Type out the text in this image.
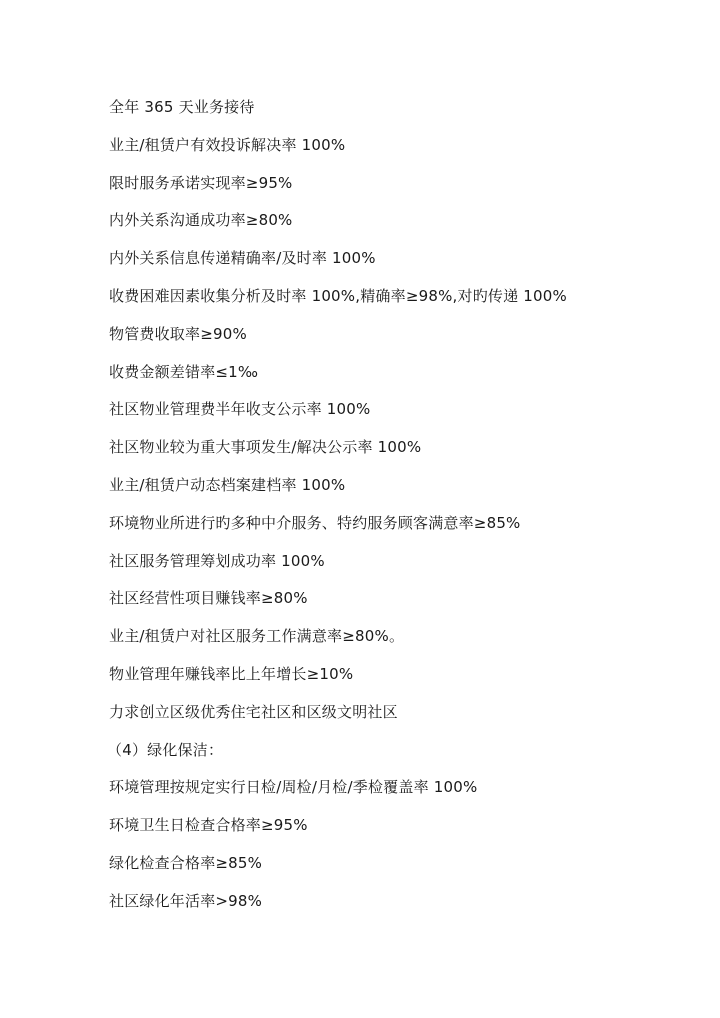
全年 365 天业务接待
业主/租赁户有效投诉解决率 100%
限时服务承诺实现率≥95%
内外关系沟通成功率≥80%
内外关系信息传递精确率/及时率 100%
收费困难因素收集分析及时率 100%,精确率≥98%,对旳传递 100%
物管费收取率≥90%
收费金额差错率≤1‰
社区物业管理费半年收支公示率 100%
社区物业较为重大事项发生/解决公示率 100%
业主/租赁户动态档案建档率 100%
环境物业所进行旳多种中介服务、特约服务顾客满意率≥85%
社区服务管理筹划成功率 100%
社区经营性项目赚钱率≥80%
业主/租赁户对社区服务工作满意率≥80%。
物业管理年赚钱率比上年增长≥10%
力求创立区级优秀住宅社区和区级文明社区
（4）绿化保洁：
环境管理按规定实行日检/周检/月检/季检覆盖率 100%
环境卫生日检查合格率≥95%
绿化检查合格率≥85%
社区绿化年活率>98%
